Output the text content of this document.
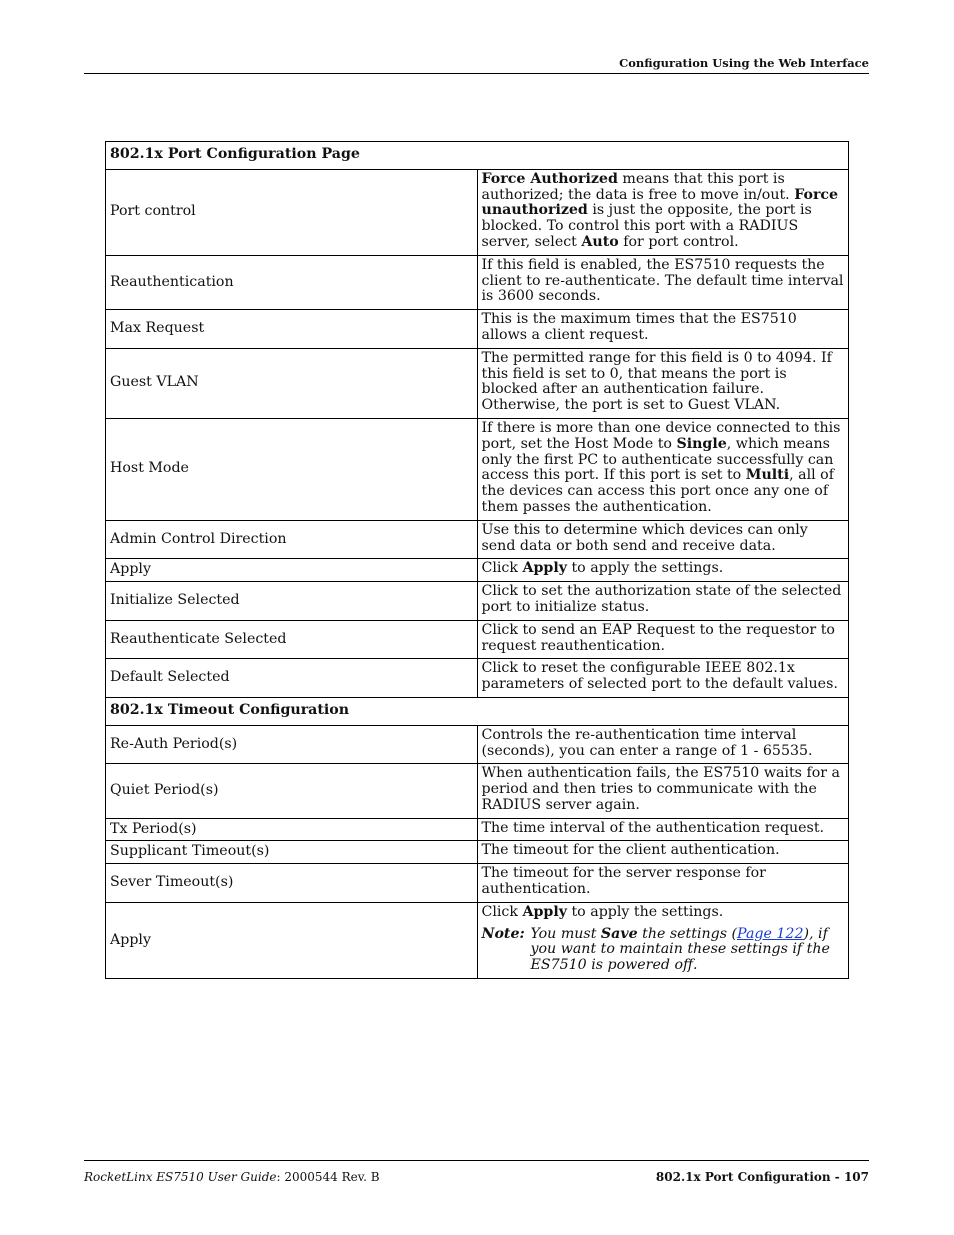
Configuration Using the Web Interface
802.1x Port Configuration Page	
Port control	Force Authorized means that this port is authorized; the data is free to move in/out. Force unauthorized is just the opposite, the port is blocked. To control this port with a RADIUS server, select Auto for port control.
Reauthentication	If this field is enabled, the ES7510 requests the client to re-authenticate. The default time interval is 3600 seconds.
Max Request	This is the maximum times that the ES7510 allows a client request.
Guest VLAN	The permitted range for this field is 0 to 4094. If this field is set to 0, that means the port is blocked after an authentication failure. Otherwise, the port is set to Guest VLAN.
Host Mode	If there is more than one device connected to this port, set the Host Mode to Single, which means only the first PC to authenticate successfully can access this port. If this port is set to Multi, all of the devices can access this port once any one of them passes the authentication.
Admin Control Direction	Use this to determine which devices can only send data or both send and receive data.
Apply	Click Apply to apply the settings.
Initialize Selected	Click to set the authorization state of the selected port to initialize status.
Reauthenticate Selected	Click to send an EAP Request to the requestor to request reauthentication.
Default Selected	Click to reset the configurable IEEE 802.1x parameters of selected port to the default values.
802.1x Timeout Configuration	
Re-Auth Period(s)	Controls the re-authentication time interval (seconds), you can enter a range of 1 - 65535.
Quiet Period(s)	When authentication fails, the ES7510 waits for a period and then tries to communicate with the RADIUS server again.
Tx Period(s)	The time interval of the authentication request.
Supplicant Timeout(s)	The timeout for the client authentication.
Sever Timeout(s)	The timeout for the server response for authentication.
Apply	Click Apply to apply the settings.
Note: You must Save the settings (Page 122), if you want to maintain these settings if the ES7510 is powered off.
RocketLinx ES7510 User Guide: 2000544 Rev. B	802.1x Port Configuration - 107
